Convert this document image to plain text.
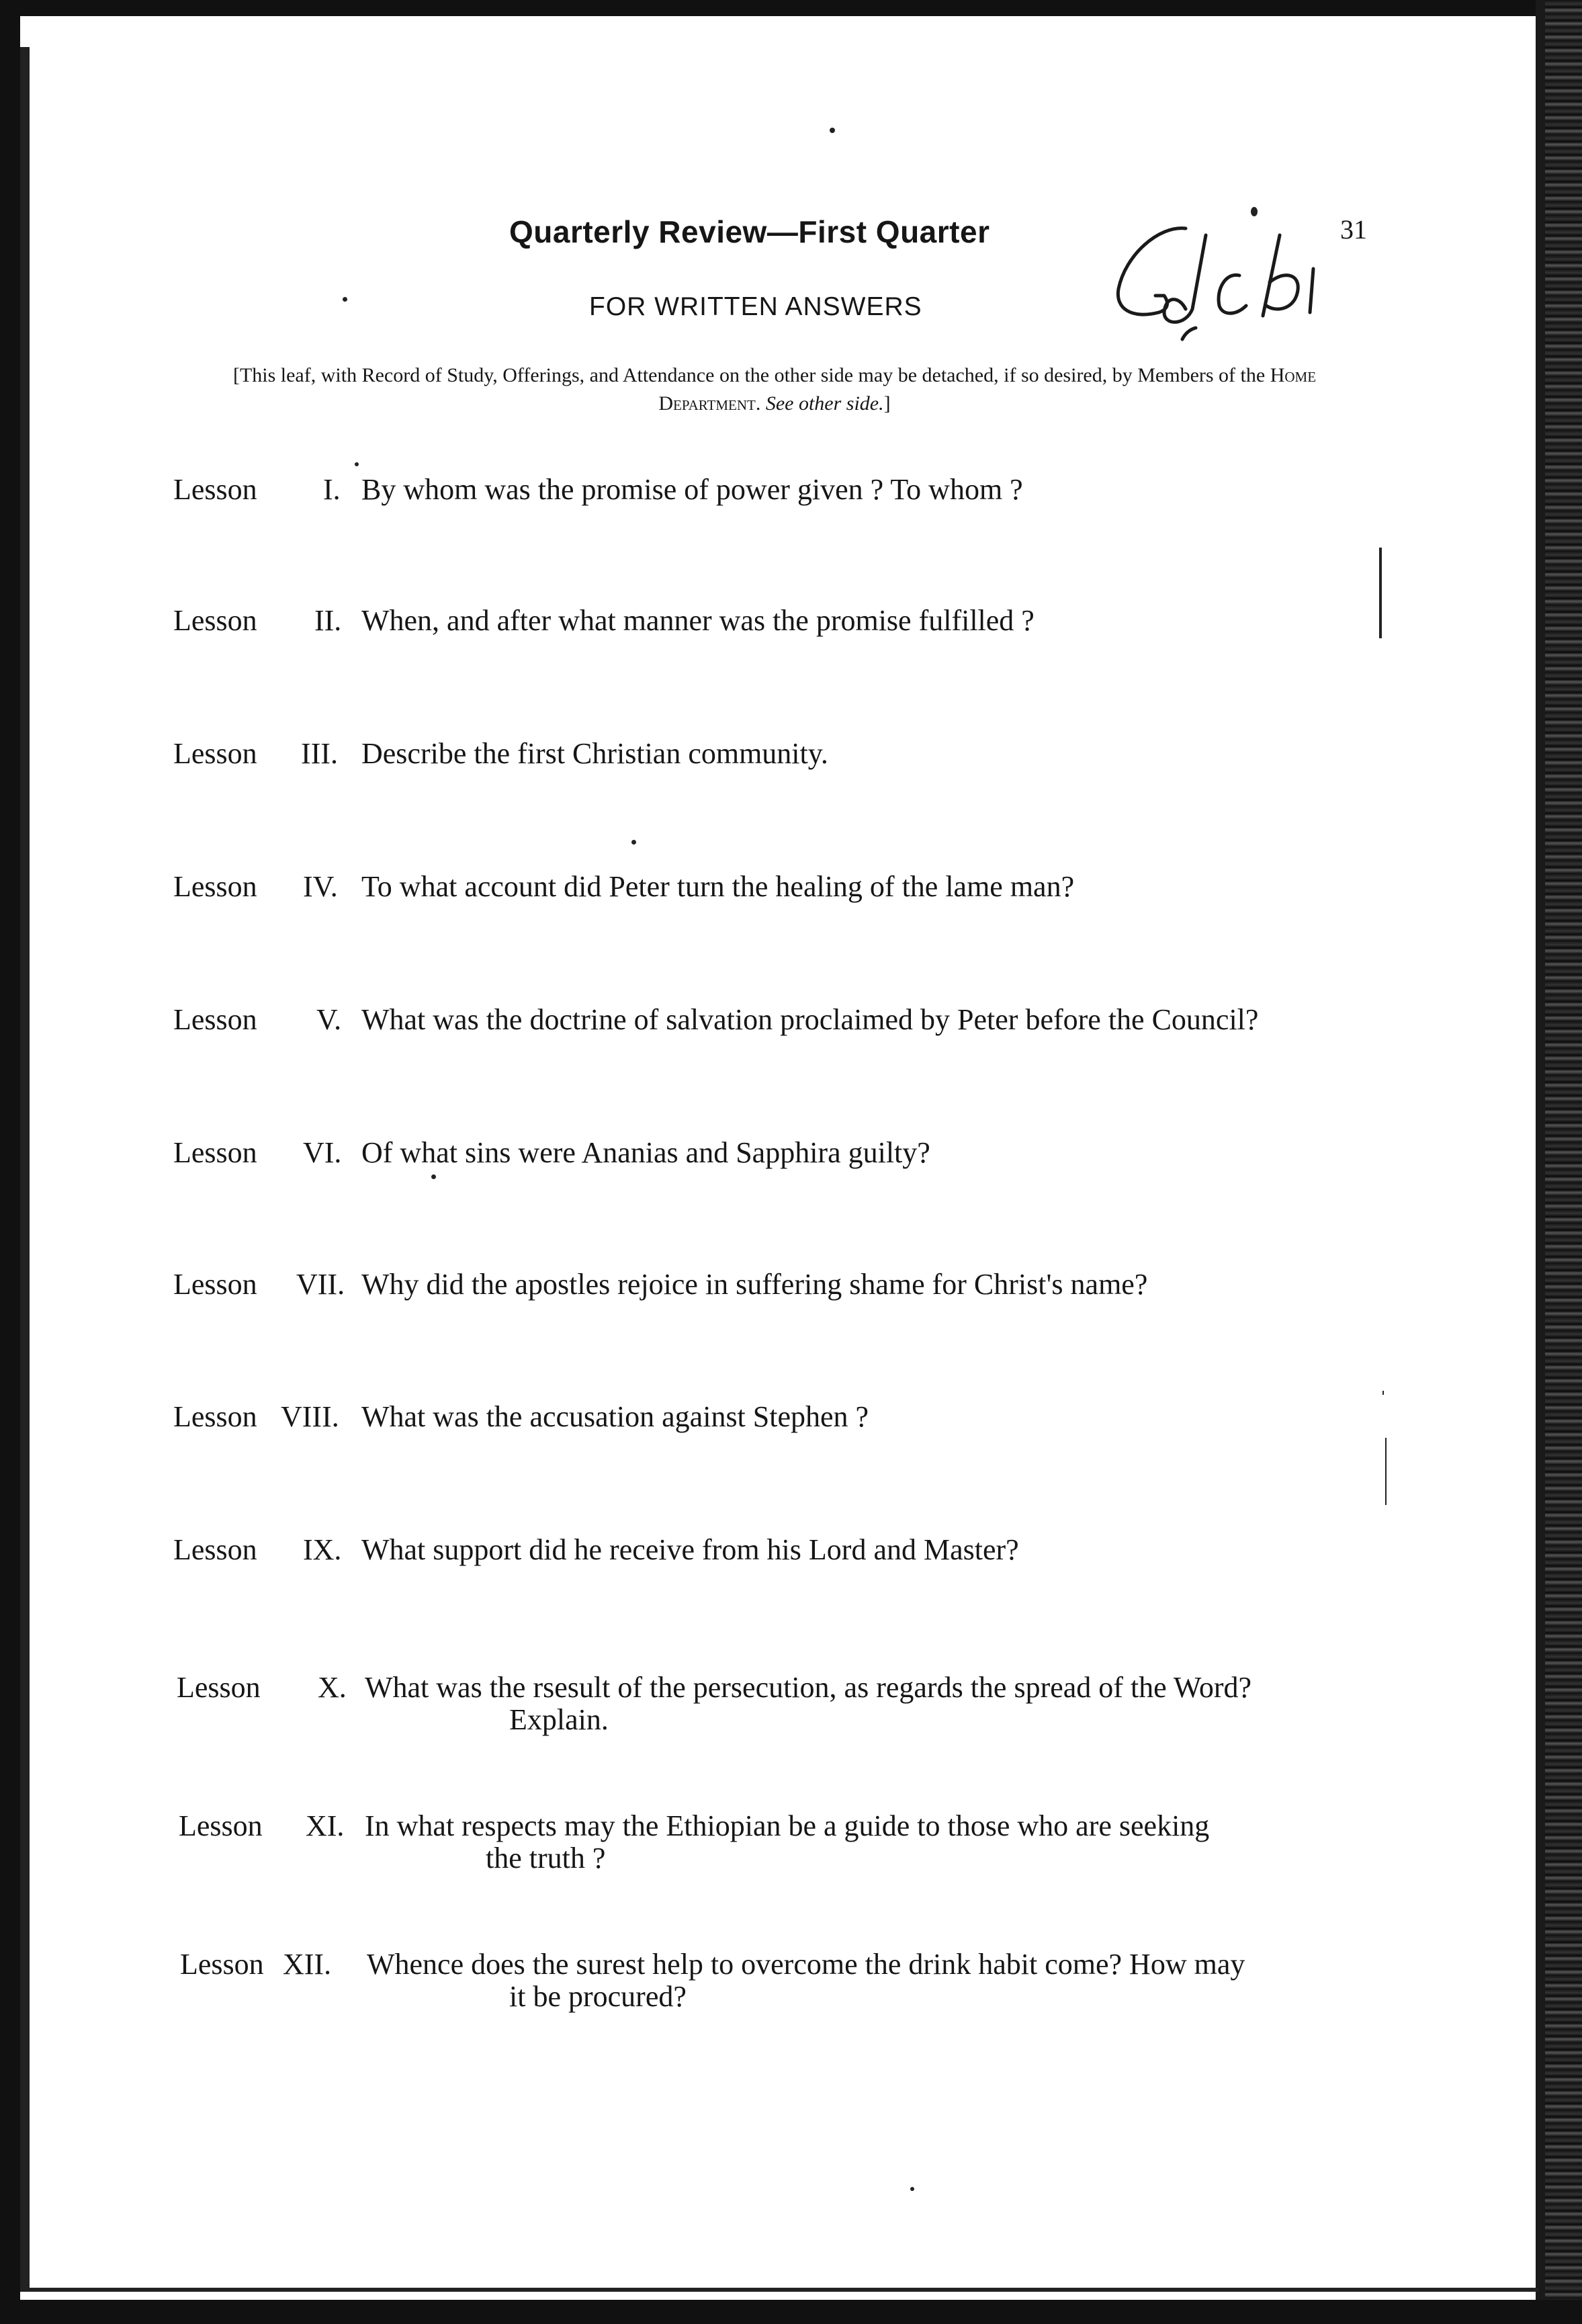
Quarterly Review—First Quarter	31
FOR WRITTEN ANSWERS
[This leaf, with Record of Study, Offerings, and Attendance on the other side may be detached, if so desired, by Members of the Home Department. See other side.]
Lesson I. By whom was the promise of power given ? To whom ?
Lesson II. When, and after what manner was the promise fulfilled ?
Lesson III. Describe the first Christian community.
Lesson IV. To what account did Peter turn the healing of the lame man?
Lesson V. What was the doctrine of salvation proclaimed by Peter before the Council?
Lesson VI. Of what sins were Ananias and Sapphira guilty?
Lesson VII. Why did the apostles rejoice in suffering shame for Christ's name?
Lesson VIII. What was the accusation against Stephen ?
Lesson IX. What support did he receive from his Lord and Master?
Lesson X. What was the rsesult of the persecution, as regards the spread of the Word?
Explain.
Lesson XI. In what respects may the Ethiopian be a guide to those who are seeking
the truth ?
Lesson XII. Whence does the surest help to overcome the drink habit come? How may
it be procured?
